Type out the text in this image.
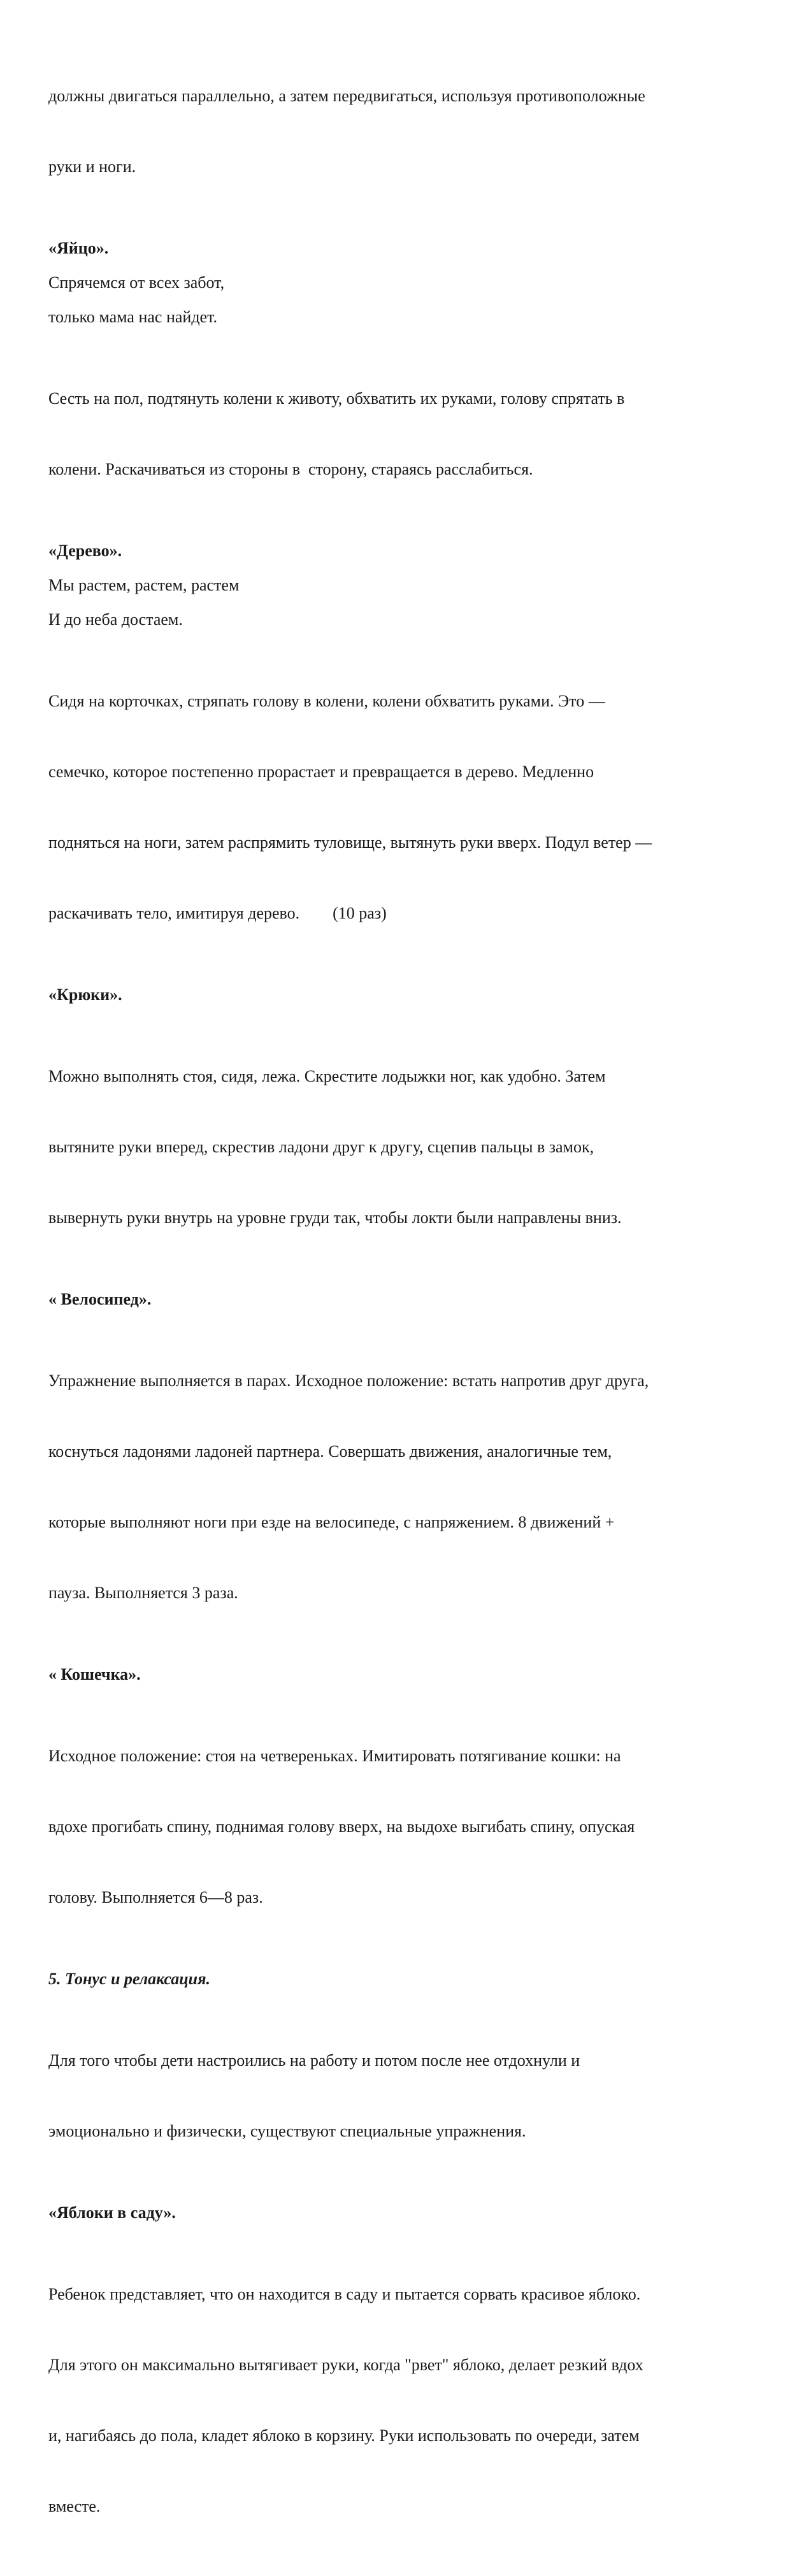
должны двигаться параллельно, а затем передвигаться, используя противоположные

руки и ноги.

«Яйцо».
Спрячемся от всех забот,
только мама нас найдет.

Сесть на пол, подтянуть колени к животу, обхватить их руками, голову спрятать в

колени. Раскачиваться из стороны в  сторону, стараясь расслабиться.

«Дерево».
Мы растем, растем, растем
И до неба достаем.

Сидя на корточках, стряпать голову в колени, колени обхватить руками. Это —

семечко, которое постепенно прорастает и превращается в дерево. Медленно

подняться на ноги, затем распрямить туловище, вытянуть руки вверх. Подул ветер —

раскачивать тело, имитируя дерево.        (10 раз)

«Крюки».

Можно выполнять стоя, сидя, лежа. Скрестите лодыжки ног, как удобно. Затем

вытяните руки вперед, скрестив ладони друг к другу, сцепив пальцы в замок,

вывернуть руки внутрь на уровне груди так, чтобы локти были направлены вниз.

« Велосипед».

Упражнение выполняется в парах. Исходное положение: встать напротив друг друга,

коснуться ладонями ладоней партнера. Совершать движения, аналогичные тем,

которые выполняют ноги при езде на велосипеде, с напряжением. 8 движений +

пауза. Выполняется 3 раза.

« Кошечка».

Исходное положение: стоя на четвереньках. Имитировать потягивание кошки: на

вдохе прогибать спину, поднимая голову вверх, на выдохе выгибать спину, опуская

голову. Выполняется 6—8 раз.

5. Тонус и релаксация.

Для того чтобы дети настроились на работу и потом после нее отдохнули и

эмоционально и физически, существуют специальные упражнения.

«Яблоки в саду».

Ребенок представляет, что он находится в саду и пытается сорвать красивое яблоко.

Для этого он максимально вытягивает руки, когда "рвет" яблоко, делает резкий вдох

и, нагибаясь до пола, кладет яблоко в корзину. Руки использовать по очереди, затем

вместе.
